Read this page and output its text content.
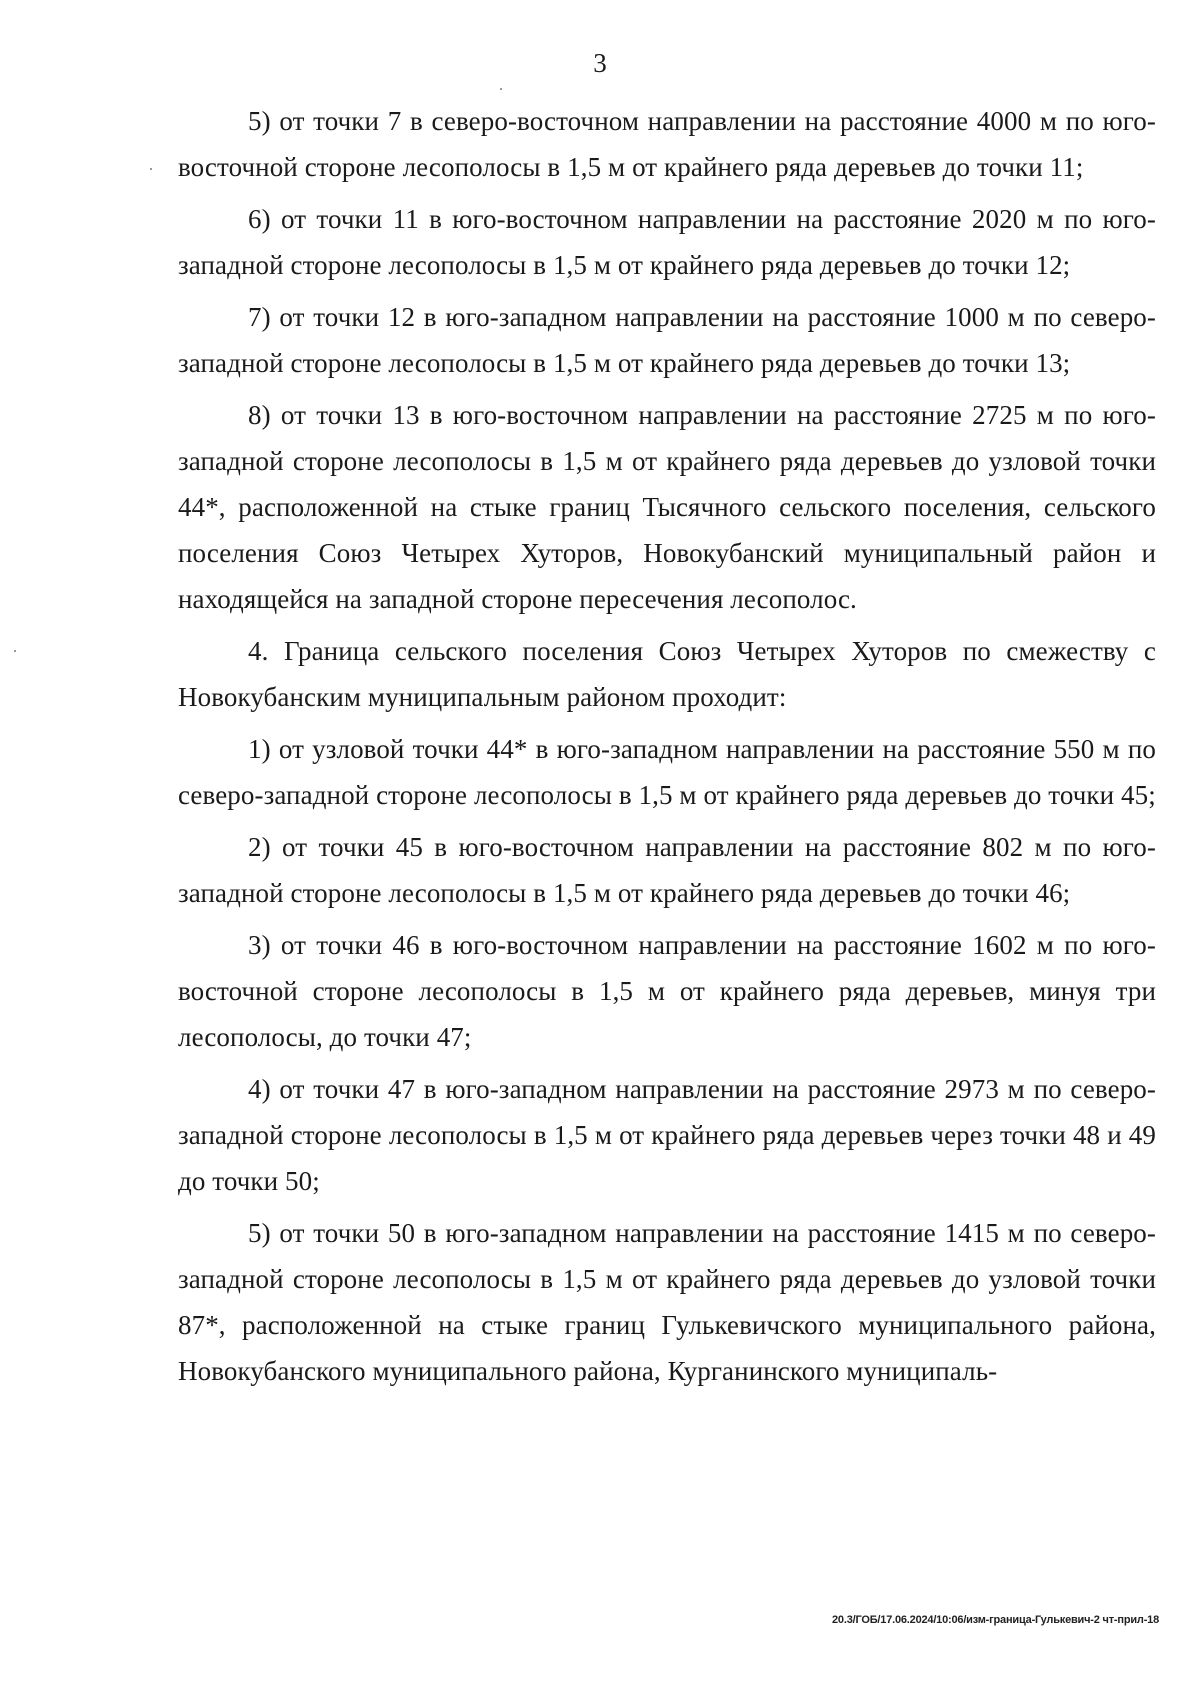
3

5) от точки 7 в северо-восточном направлении на расстояние 4000 м по юго-восточной стороне лесополосы в 1,5 м от крайнего ряда деревьев до точки 11;

6) от точки 11 в юго-восточном направлении на расстояние 2020 м по юго-западной стороне лесополосы в 1,5 м от крайнего ряда деревьев до точки 12;

7) от точки 12 в юго-западном направлении на расстояние 1000 м по северо-западной стороне лесополосы в 1,5 м от крайнего ряда деревьев до точки 13;

8) от точки 13 в юго-восточном направлении на расстояние 2725 м по юго-западной стороне лесополосы в 1,5 м от крайнего ряда деревьев до узловой точки 44*, расположенной на стыке границ Тысячного сельского поселения, сельского поселения Союз Четырех Хуторов, Новокубанский муниципальный район и находящейся на западной стороне пересечения лесополос.

4. Граница сельского поселения Союз Четырех Хуторов по смежеству с Новокубанским муниципальным районом проходит:

1) от узловой точки 44* в юго-западном направлении на расстояние 550 м по северо-западной стороне лесополосы в 1,5 м от крайнего ряда деревьев до точки 45;

2) от точки 45 в юго-восточном направлении на расстояние 802 м по юго-западной стороне лесополосы в 1,5 м от крайнего ряда деревьев до точки 46;

3) от точки 46 в юго-восточном направлении на расстояние 1602 м по юго-восточной стороне лесополосы в 1,5 м от крайнего ряда деревьев, минуя три лесополосы, до точки 47;

4) от точки 47 в юго-западном направлении на расстояние 2973 м по северо-западной стороне лесополосы в 1,5 м от крайнего ряда деревьев через точки 48 и 49 до точки 50;

5) от точки 50 в юго-западном направлении на расстояние 1415 м по северо-западной стороне лесополосы в 1,5 м от крайнего ряда деревьев до узловой точки 87*, расположенной на стыке границ Гулькевичского муниципального района, Новокубанского муниципального района, Курганинского муниципаль-

20.3/ГОБ/17.06.2024/10:06/изм-граница-Гулькевич-2 чт-прил-18
